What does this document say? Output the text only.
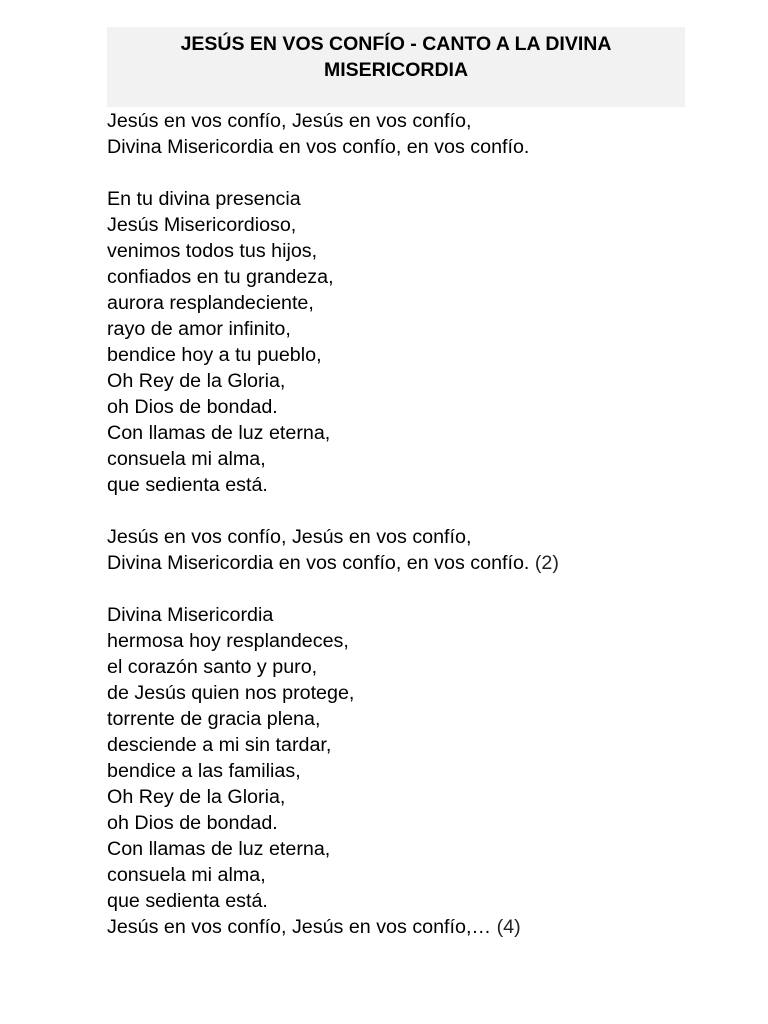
JESÚS EN VOS CONFÍO - CANTO A LA DIVINA
MISERICORDIA
Jesús en vos confío, Jesús en vos confío,
Divina Misericordia en vos confío, en vos confío.
En tu divina presencia
Jesús Misericordioso,
venimos todos tus hijos,
confiados en tu grandeza,
aurora resplandeciente,
rayo de amor infinito,
bendice hoy a tu pueblo,
Oh Rey de la Gloria,
oh Dios de bondad.
Con llamas de luz eterna,
consuela mi alma,
que sedienta está.
Jesús en vos confío, Jesús en vos confío,
Divina Misericordia en vos confío, en vos confío. (2)
Divina Misericordia
hermosa hoy resplandeces,
el corazón santo y puro,
de Jesús quien nos protege,
torrente de gracia plena,
desciende a mi sin tardar,
bendice a las familias,
Oh Rey de la Gloria,
oh Dios de bondad.
Con llamas de luz eterna,
consuela mi alma,
que sedienta está.
Jesús en vos confío, Jesús en vos confío,… (4)
